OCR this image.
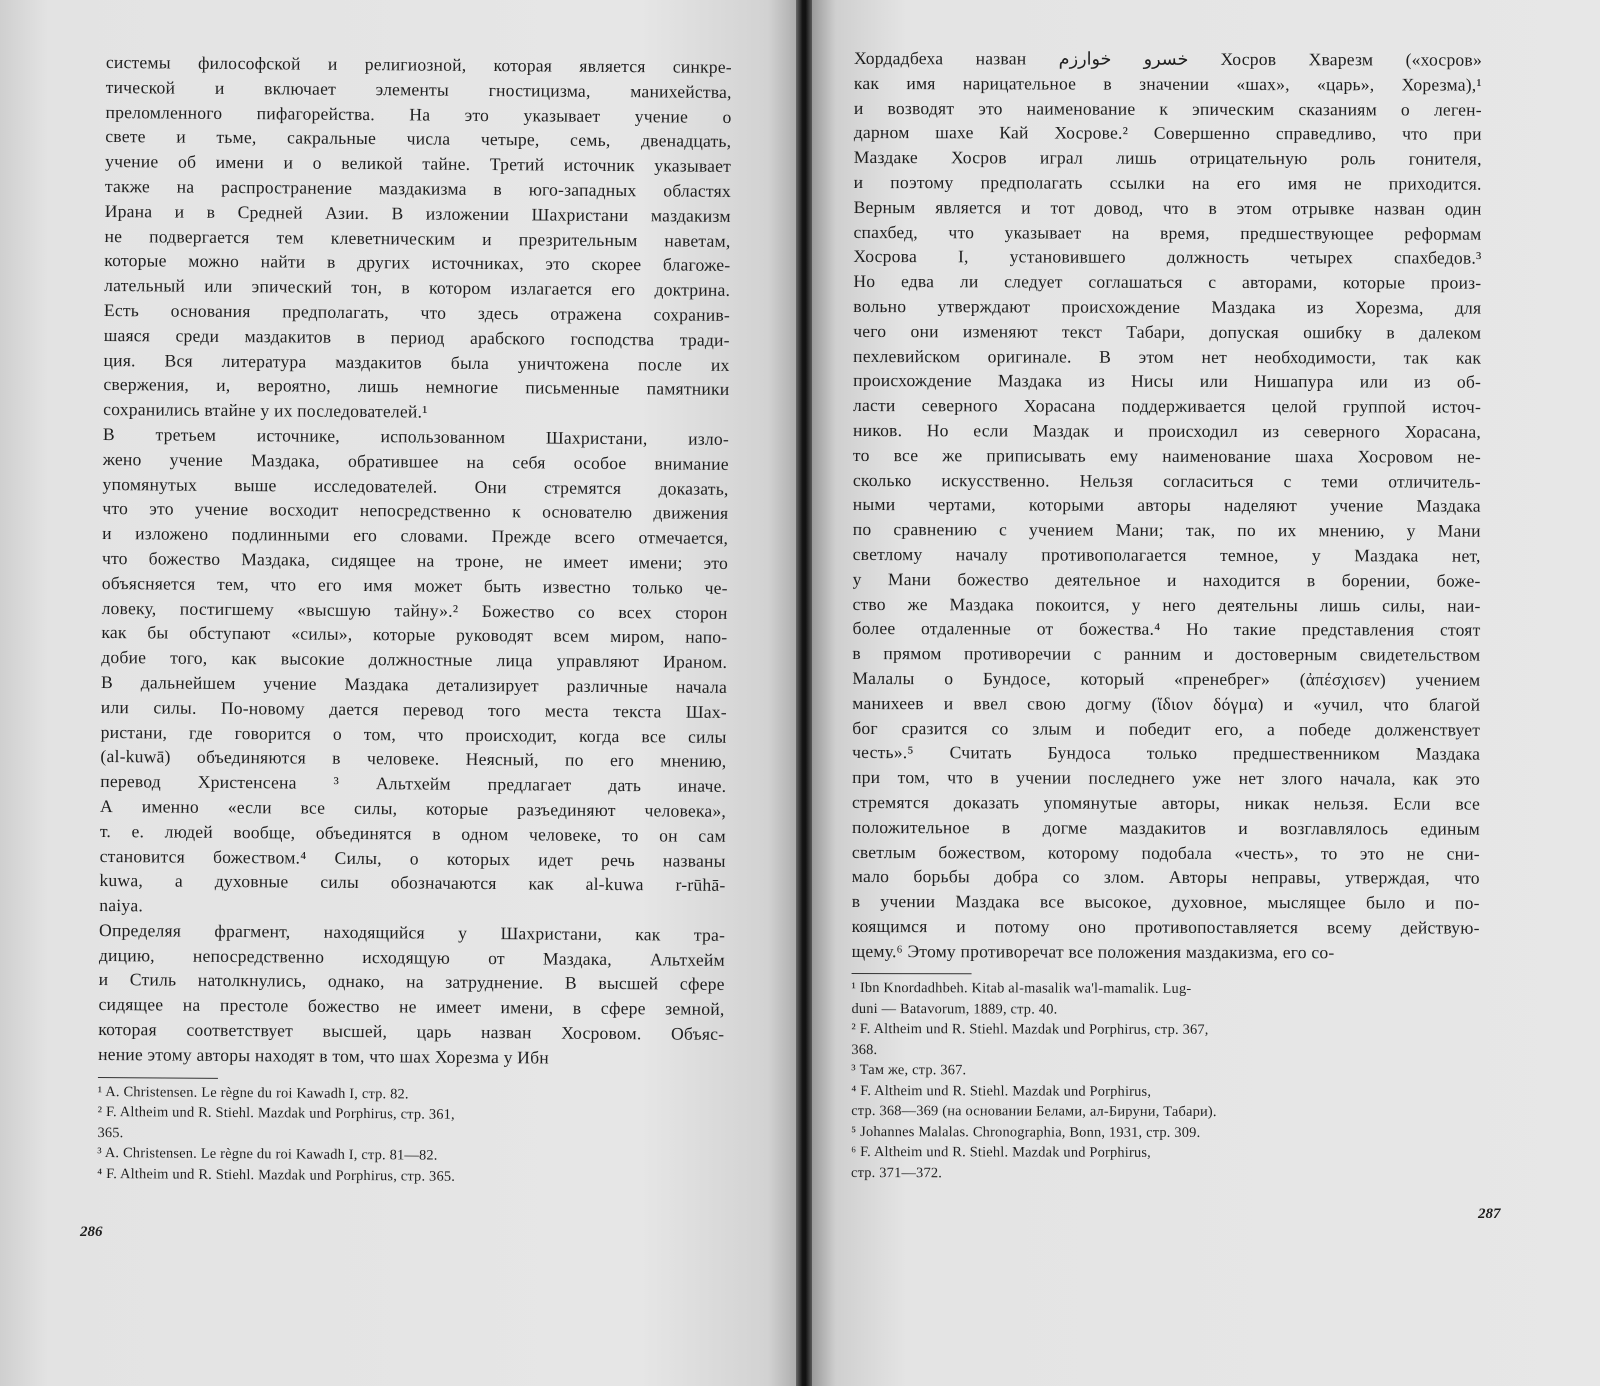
системы философской и религиозной, которая является синкре-
тической и включает элементы гностицизма, манихейства,
преломленного пифагорейства. На это указывает учение о
свете и тьме, сакральные числа четыре, семь, двенадцать,
учение об имени и о великой тайне. Третий источник указывает
также на распространение маздакизма в юго-западных областях
Ирана и в Средней Азии. В изложении Шахристани маздакизм
не подвергается тем клеветническим и презрительным наветам,
которые можно найти в других источниках, это скорее благоже-
лательный или эпический тон, в котором излагается его доктрина.
Есть основания предполагать, что здесь отражена сохранив-
шаяся среди маздакитов в период арабского господства тради-
ция. Вся литература маздакитов была уничтожена после их
свержения, и, вероятно, лишь немногие письменные памятники
сохранились втайне у их последователей.¹
В третьем источнике, использованном Шахристани, изло-
жено учение Маздака, обратившее на себя особое внимание
упомянутых выше исследователей. Они стремятся доказать,
что это учение восходит непосредственно к основателю движения
и изложено подлинными его словами. Прежде всего отмечается,
что божество Маздака, сидящее на троне, не имеет имени; это
объясняется тем, что его имя может быть известно только че-
ловеку, постигшему «высшую тайну».² Божество со всех сторон
как бы обступают «силы», которые руководят всем миром, напо-
добие того, как высокие должностные лица управляют Ираном.
В дальнейшем учение Маздака детализирует различные начала
или силы. По-новому дается перевод того места текста Шах-
ристани, где говорится о том, что происходит, когда все силы
(al-kuwā) объединяются в человеке. Неясный, по его мнению,
перевод Христенсена ³ Альтхейм предлагает дать иначе.
А именно «если все силы, которые разъединяют человека»,
т. е. людей вообще, объединятся в одном человеке, то он сам
становится божеством.⁴ Силы, о которых идет речь названы
kuwa, а духовные силы обозначаются как al-kuwa r-rūhā-
naiya.
Определяя фрагмент, находящийся у Шахристани, как тра-
дицию, непосредственно исходящую от Маздака, Альтхейм
и Стиль натолкнулись, однако, на затруднение. В высшей сфере
сидящее на престоле божество не имеет имени, в сфере земной,
которая соответствует высшей, царь назван Хосровом. Объяс-
нение этому авторы находят в том, что шах Хорезма у Ибн
¹ A. Christensen. Le règne du roi Kawadh I, стр. 82.
² F. Altheim und R. Stiehl. Mazdak und Porphirus, стр. 361,
365.
³ A. Christensen. Le règne du roi Kawadh I, стр. 81—82.
⁴ F. Altheim und R. Stiehl. Mazdak und Porphirus, стр. 365.
286
Хордадбеха назван خسرو خوارزم Хосров Хварезм («хосров»
как имя нарицательное в значении «шах», «царь», Хорезма),¹
и возводят это наименование к эпическим сказаниям о леген-
дарном шахе Кай Хосрове.² Совершенно справедливо, что при
Маздаке Хосров играл лишь отрицательную роль гонителя,
и поэтому предполагать ссылки на его имя не приходится.
Верным является и тот довод, что в этом отрывке назван один
спахбед, что указывает на время, предшествующее реформам
Хосрова I, установившего должность четырех спахбедов.³
Но едва ли следует соглашаться с авторами, которые произ-
вольно утверждают происхождение Маздака из Хорезма, для
чего они изменяют текст Табари, допуская ошибку в далеком
пехлевийском оригинале. В этом нет необходимости, так как
происхождение Маздака из Нисы или Нишапура или из об-
ласти северного Хорасана поддерживается целой группой источ-
ников. Но если Маздак и происходил из северного Хорасана,
то все же приписывать ему наименование шаха Хосровом не-
сколько искусственно. Нельзя согласиться с теми отличитель-
ными чертами, которыми авторы наделяют учение Маздака
по сравнению с учением Мани; так, по их мнению, у Мани
светлому началу противополагается темное, у Маздака нет,
у Мани божество деятельное и находится в борении, боже-
ство же Маздака покоится, у него деятельны лишь силы, наи-
более отдаленные от божества.⁴ Но такие представления стоят
в прямом противоречии с ранним и достоверным свидетельством
Малалы о Бундосе, который «пренебрег» (ἀπέσχισεν) учением
манихеев и ввел свою догму (ἴδιον δόγμα) и «учил, что благой
бог сразится со злым и победит его, а победе долженствует
честь».⁵ Считать Бундоса только предшественником Маздака
при том, что в учении последнего уже нет злого начала, как это
стремятся доказать упомянутые авторы, никак нельзя. Если все
положительное в догме маздакитов и возглавлялось единым
светлым божеством, которому подобала «честь», то это не сни-
мало борьбы добра со злом. Авторы неправы, утверждая, что
в учении Маздака все высокое, духовное, мыслящее было и по-
коящимся и потому оно противопоставляется всему действую-
щему.⁶ Этому противоречат все положения маздакизма, его со-
¹ Ibn Knordadhbeh. Kitab al-masalik wa'l-mamalik. Lug-
duni — Batavorum, 1889, стр. 40.
² F. Altheim und R. Stiehl. Mazdak und Porphirus, стр. 367,
368.
³ Там же, стр. 367.
⁴ F. Altheim und R. Stiehl. Mazdak und Porphirus,
стр. 368—369 (на основании Белами, ал-Бируни, Табари).
⁵ Johannes Malalas. Chronographia, Bonn, 1931, стр. 309.
⁶ F. Altheim und R. Stiehl. Mazdak und Porphirus,
стр. 371—372.
287
